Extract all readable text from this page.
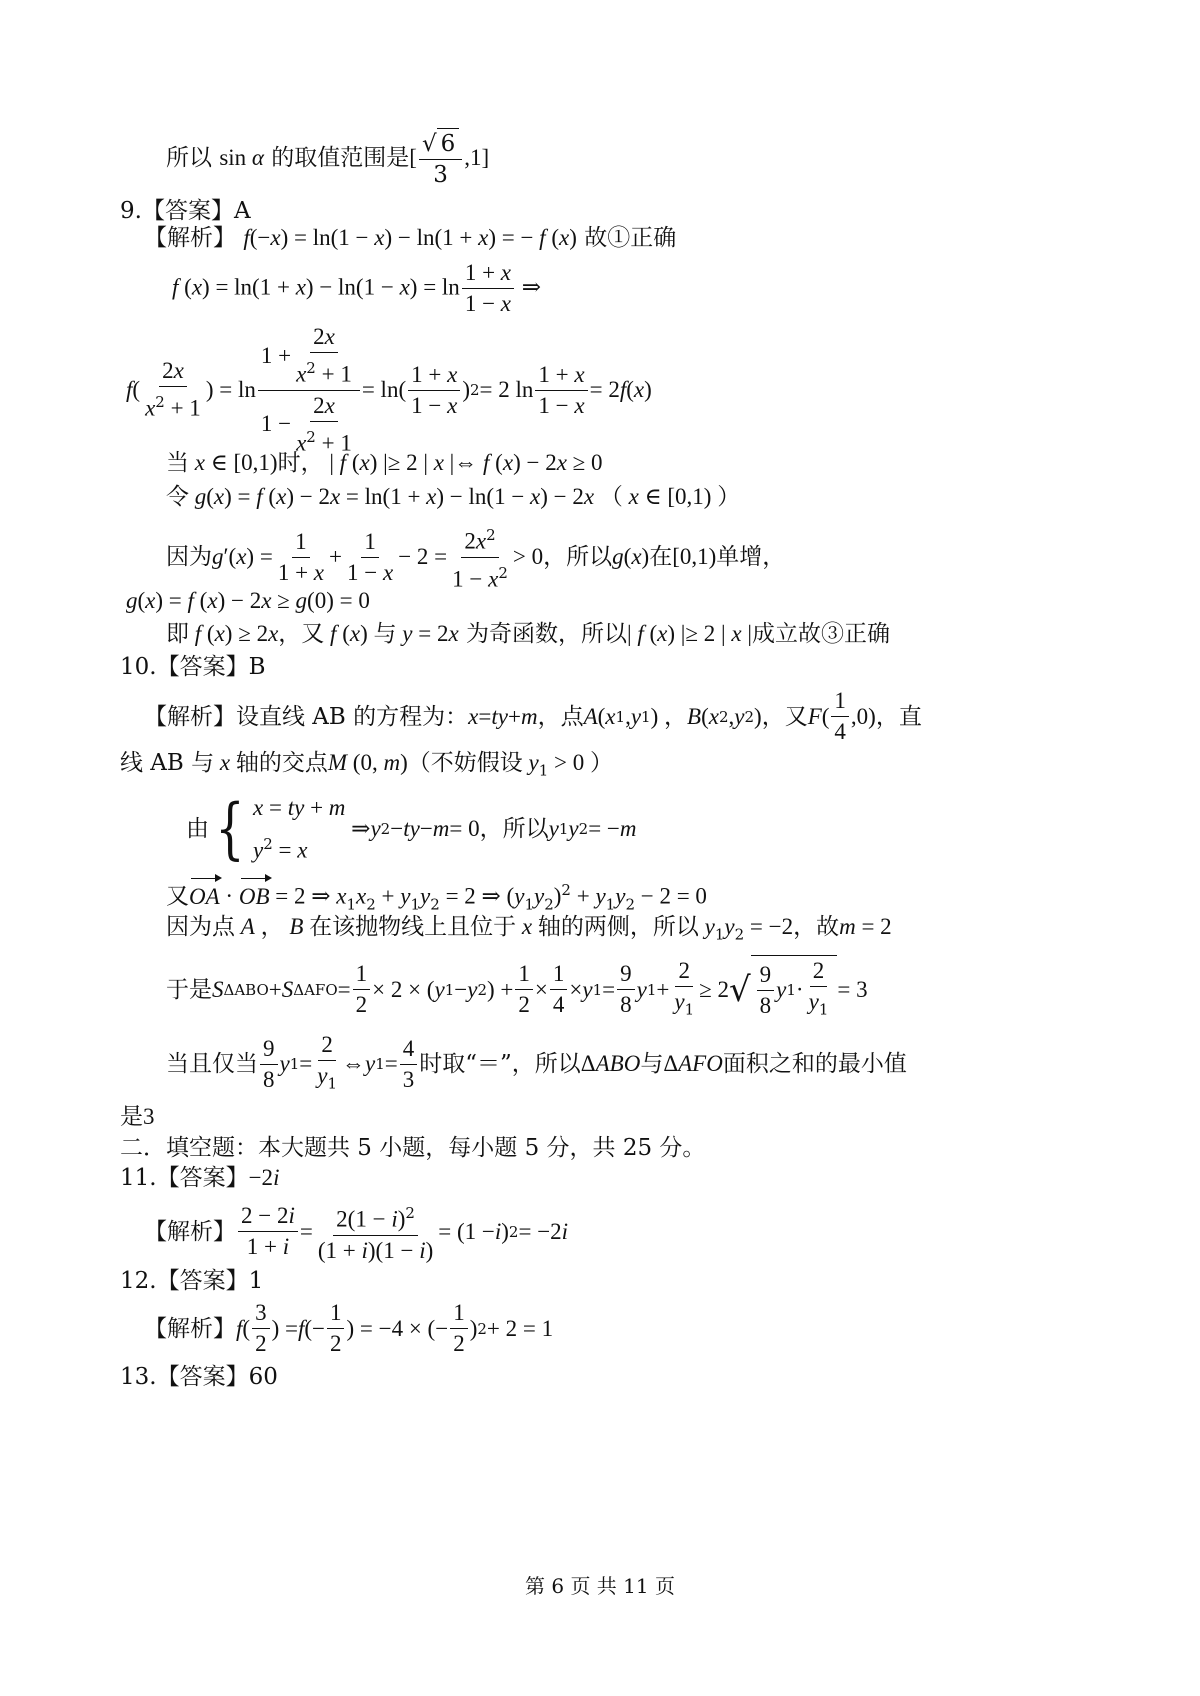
所以 sin α 的取值范围是[ $\frac{√ 6}{3} ,1$]
9.【答案】A
【解析】 f(−x) = ln(1 − x) − ln(1 + x) = − f (x) 故①正确
f $(x) = \ln(1 + x) - \ln(1 - x) = \ln \frac{1 + x}{1 - x}$ ⇒
f ( $\frac{2x}{x^2 + 1}$ ) = $\ln \frac{1 + \frac{2x}{x^2 + 1}}{1 - \frac{2x}{x^2 + 1}} = \ln( \frac{1 + x}{1 - x}$ ) 2 = 2 $\ln \frac{1 + x}{1 - x} = 2$ f ( x )
当 x ∈ [0,1)时， | f (x) |≥ 2 | x |⇔ f (x) − 2x ≥ 0
令 g(x) = f (x) − 2x = ln(1 + x) − ln(1 − x) − 2x （ x ∈ [0,1) ）
因为 g ′( x ) = $\frac{1}{1 + x} + \frac{1}{1 - x} - 2 = \frac{2x^2}{1 - x^2} > 0$ ，所以 g ( x ) 在 [0,1) 单增，
g(x) = f (x) − 2x ≥ g(0) = 0
即 f (x) ≥ 2x，又 f (x) 与 y = 2x 为奇函数，所以| f (x) |≥ 2 | x |成立故③正确
10.【答案】B
【解析】设直线 AB 的方程为： x = ty + m ，点 A ( x 1 , y 1 ) ， B ( x 2 , y 2 ) ，又 F ( $\frac{1}{4} ,0$) ，直
线 AB 与 x 轴的交点M (0, m)（不妨假设 $y_1 > 0$ ）
由 { x = ty + m
$y^2 = x$
⇒ y 2 − ty − m = 0 ，所以 y 1 y 2 = − m
又OA · OB = 2 ⇒ $x_1x_2 + y_1y_2 = 2$ ⇒ $(y_1y_2)^2 + y_1y_2 - 2 = 0$
因为点 A ， B 在该抛物线上且位于 x 轴的两侧，所以 $y_1y_2 = -2$，故m = 2
于是 S ΔABO + S $\Delta AFO = \frac{1}{2} \times 2$ × ( y 1 − y 2 ) + $\frac{1}{2} \times \frac{1}{4} \times y$ $1 = \frac{9}{8}$ y $1 + \frac{2}{y_1} \ge 2$ √ $\frac{9}{8}$ y $1 \cdot \frac{2}{y_1} = 3$
当且仅当 $\frac{9}{8}$ y $1 = \frac{2}{y_1}$ ⇔ y $1 = \frac{4}{3}$ 时取“＝”，所以 Δ ABO 与 Δ AFO 面积之和的最小值
是3
二．填空题：本大题共 5 小题，每小题 5 分，共 25 分。
11.【答案】−2i
【解析】 $\frac{2 - 2i}{1 + i} = \frac{2(1 - i)^2}{(1 + i)(1 - i)} = (1 - i$ ) 2 = −2 i
12.【答案】1
【解析】 f ( $\frac{3}{2}$ ) = f (− $\frac{1}{2}$ ) = −4 × (− $\frac{1}{2}$ ) 2 + 2 = 1
13.【答案】60
第 6 页 共 11 页
